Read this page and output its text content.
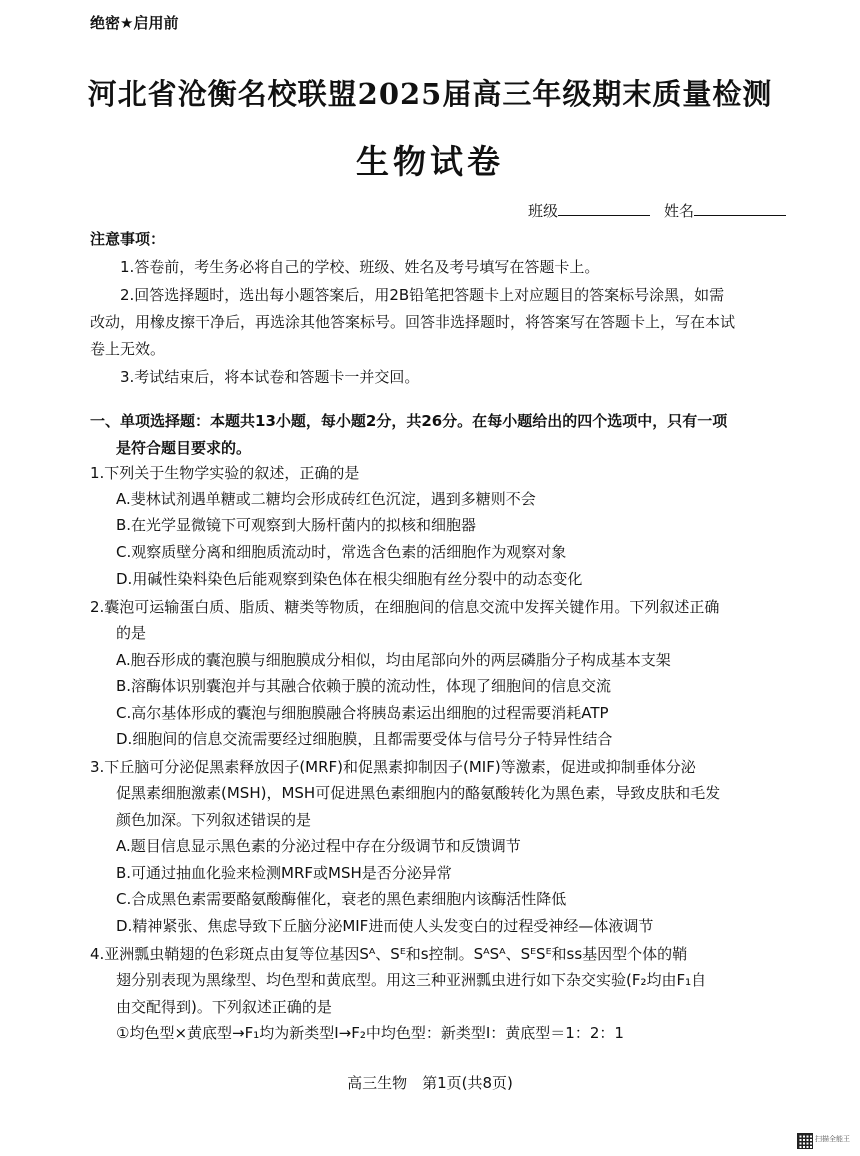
绝密★启用前
河北省沧衡名校联盟2025届高三年级期末质量检测
生物试卷
班级	姓名
注意事项：
1.答卷前，考生务必将自己的学校、班级、姓名及考号填写在答题卡上。
2.回答选择题时，选出每小题答案后，用2B铅笔把答题卡上对应题目的答案标号涂黑，如需
改动，用橡皮擦干净后，再选涂其他答案标号。回答非选择题时，将答案写在答题卡上，写在本试
卷上无效。
3.考试结束后，将本试卷和答题卡一并交回。
一、单项选择题：本题共13小题，每小题2分，共26分。在每小题给出的四个选项中，只有一项
是符合题目要求的。
1.下列关于生物学实验的叙述，正确的是
A.斐林试剂遇单糖或二糖均会形成砖红色沉淀，遇到多糖则不会
B.在光学显微镜下可观察到大肠杆菌内的拟核和细胞器
C.观察质壁分离和细胞质流动时，常选含色素的活细胞作为观察对象
D.用碱性染料染色后能观察到染色体在根尖细胞有丝分裂中的动态变化
2.囊泡可运输蛋白质、脂质、糖类等物质，在细胞间的信息交流中发挥关键作用。下列叙述正确
的是
A.胞吞形成的囊泡膜与细胞膜成分相似，均由尾部向外的两层磷脂分子构成基本支架
B.溶酶体识别囊泡并与其融合依赖于膜的流动性，体现了细胞间的信息交流
C.高尔基体形成的囊泡与细胞膜融合将胰岛素运出细胞的过程需要消耗ATP
D.细胞间的信息交流需要经过细胞膜，且都需要受体与信号分子特异性结合
3.下丘脑可分泌促黑素释放因子(MRF)和促黑素抑制因子(MIF)等激素，促进或抑制垂体分泌
促黑素细胞激素(MSH)，MSH可促进黑色素细胞内的酪氨酸转化为黑色素，导致皮肤和毛发
颜色加深。下列叙述错误的是
A.题目信息显示黑色素的分泌过程中存在分级调节和反馈调节
B.可通过抽血化验来检测MRF或MSH是否分泌异常
C.合成黑色素需要酪氨酸酶催化，衰老的黑色素细胞内该酶活性降低
D.精神紧张、焦虑导致下丘脑分泌MIF进而使人头发变白的过程受神经—体液调节
4.亚洲瓢虫鞘翅的色彩斑点由复等位基因Sᴬ、Sᴱ和s控制。SᴬSᴬ、SᴱSᴱ和ss基因型个体的鞘
翅分别表现为黑缘型、均色型和黄底型。用这三种亚洲瓢虫进行如下杂交实验(F₂均由F₁自
由交配得到)。下列叙述正确的是
①均色型×黄底型→F₁均为新类型Ⅰ→F₂中均色型：新类型Ⅰ：黄底型＝1：2：1
高三生物　第1页(共8页)
扫描全能王
